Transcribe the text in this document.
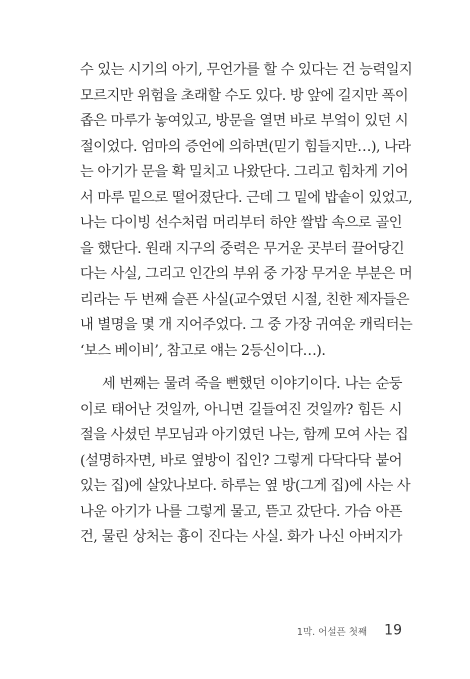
수 있는 시기의 아기, 무언가를 할 수 있다는 건 능력일지
모르지만 위험을 초래할 수도 있다. 방 앞에 길지만 폭이
좁은 마루가 놓여있고, 방문을 열면 바로 부엌이 있던 시
절이었다. 엄마의 증언에 의하면(믿기 힘들지만…), 나라
는 아기가 문을 확 밀치고 나왔단다. 그리고 힘차게 기어
서 마루 밑으로 떨어졌단다. 근데 그 밑에 밥솥이 있었고,
나는 다이빙 선수처럼 머리부터 하얀 쌀밥 속으로 골인
을 했단다. 원래 지구의 중력은 무거운 곳부터 끌어당긴
다는 사실, 그리고 인간의 부위 중 가장 무거운 부분은 머
리라는 두 번째 슬픈 사실(교수였던 시절, 친한 제자들은
내 별명을 몇 개 지어주었다. 그 중 가장 귀여운 캐릭터는
‘보스 베이비’, 참고로 얘는 2등신이다…).
세 번째는 물려 죽을 뻔했던 이야기이다. 나는 순둥
이로 태어난 것일까, 아니면 길들여진 것일까? 힘든 시
절을 사셨던 부모님과 아기였던 나는, 함께 모여 사는 집
(설명하자면, 바로 옆방이 집인? 그렇게 다닥다닥 붙어
있는 집)에 살았나보다. 하루는 옆 방(그게 집)에 사는 사
나운 아기가 나를 그렇게 물고, 뜯고 갔단다. 가슴 아픈
건, 물린 상처는 흉이 진다는 사실. 화가 나신 아버지가
1막. 어설픈 첫째 19
